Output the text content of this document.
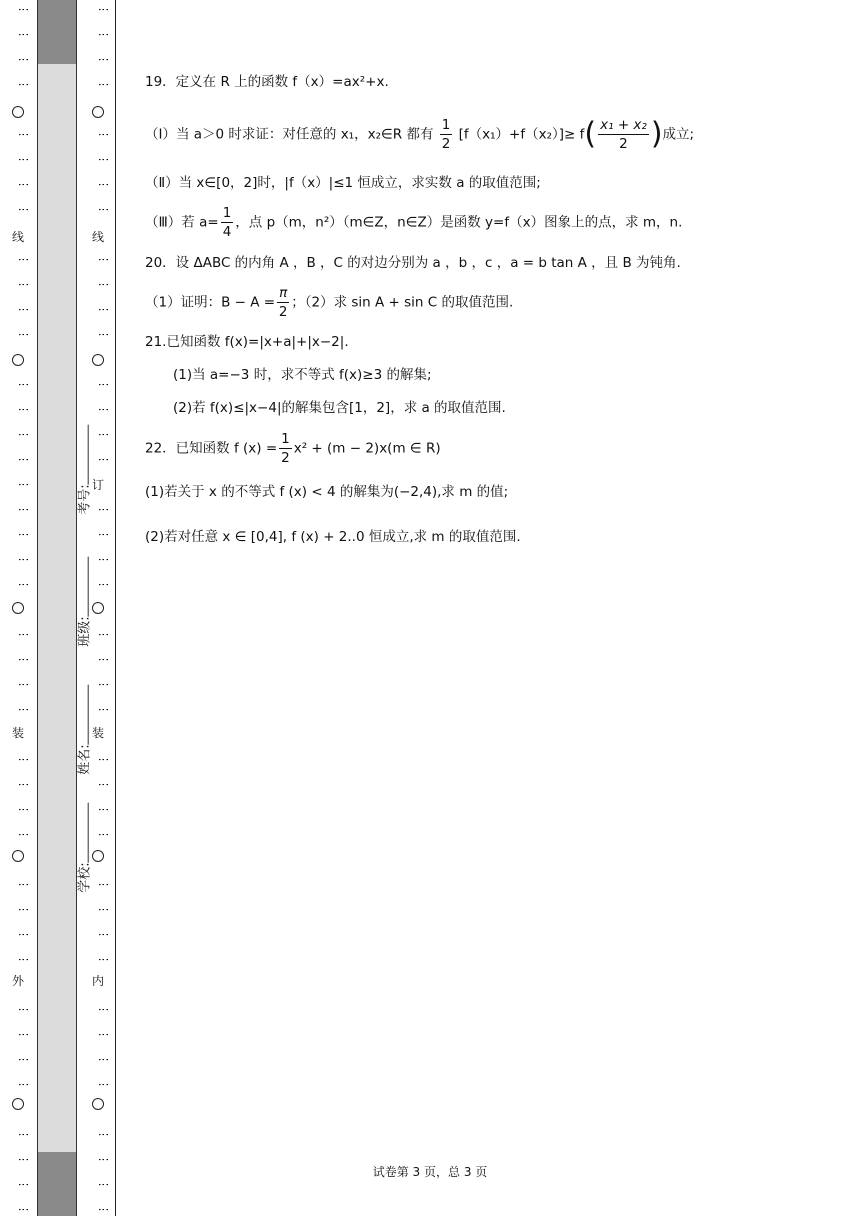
⋮
⋮
⋮
⋮
⋮
⋮
⋮
⋮
⋮
⋮
⋮
⋮
⋮
⋮
⋮
⋮
⋮
⋮
⋮
⋮
⋮
⋮
⋮
⋮
⋮
⋮
⋮
⋮
⋮
⋮
⋮
⋮
⋮
⋮
⋮
⋮
⋮
⋮
⋮
⋮
⋮
线
装
外
⋮
⋮
⋮
⋮
⋮
⋮
⋮
⋮
⋮
⋮
⋮
⋮
⋮
⋮
⋮
⋮
⋮
⋮
⋮
⋮
⋮
⋮
⋮
⋮
⋮
⋮
⋮
⋮
⋮
⋮
⋮
⋮
⋮
⋮
⋮
⋮
⋮
⋮
⋮
⋮
线
订
装
内
考号:
班级:
姓名:
学校:
19．定义在 R 上的函数 f（x）=ax²+x.
（Ⅰ）当 a＞0 时求证：对任意的 x₁，x₂∈R 都有 $\frac{1}{2} [f(x_1)+f(x_2)]\ge f( \frac{\text{x₁ + x₂}}{2}$ )成立;
（Ⅱ）当 x∈[0，2]时，|f（x）|≤1 恒成立，求实数 a 的取值范围;
（Ⅲ）若 $a= \frac{1}{4}$ ，点 p（m，n²）（m∈Z，n∈Z）是函数 y=f（x）图象上的点，求 m，n.
20．设 ΔABC 的内角 A ，B ，C 的对边分别为 a ，b ，c ，a = b tan A ，且 B 为钝角.
（1）证明：$B - A = \frac{\pi}{2}$ ；（2）求 sin A + sin C 的取值范围.
21.已知函数 f(x)=|x+a|+|x−2|.
(1)当 a=−3 时，求不等式 f(x)≥3 的解集;
(2)若 f(x)≤|x−4|的解集包含[1，2]，求 a 的取值范围.
22．已知函数 f $(x) = \frac{1}{2} x^2 + (m - 2)x(m$ ∈ R)
(1)若关于 x 的不等式 f (x) < 4 的解集为(−2,4),求 m 的值;
(2)若对任意 x ∈ [0,4], f (x) + 2..0 恒成立,求 m 的取值范围.
试卷第 3 页，总 3 页
